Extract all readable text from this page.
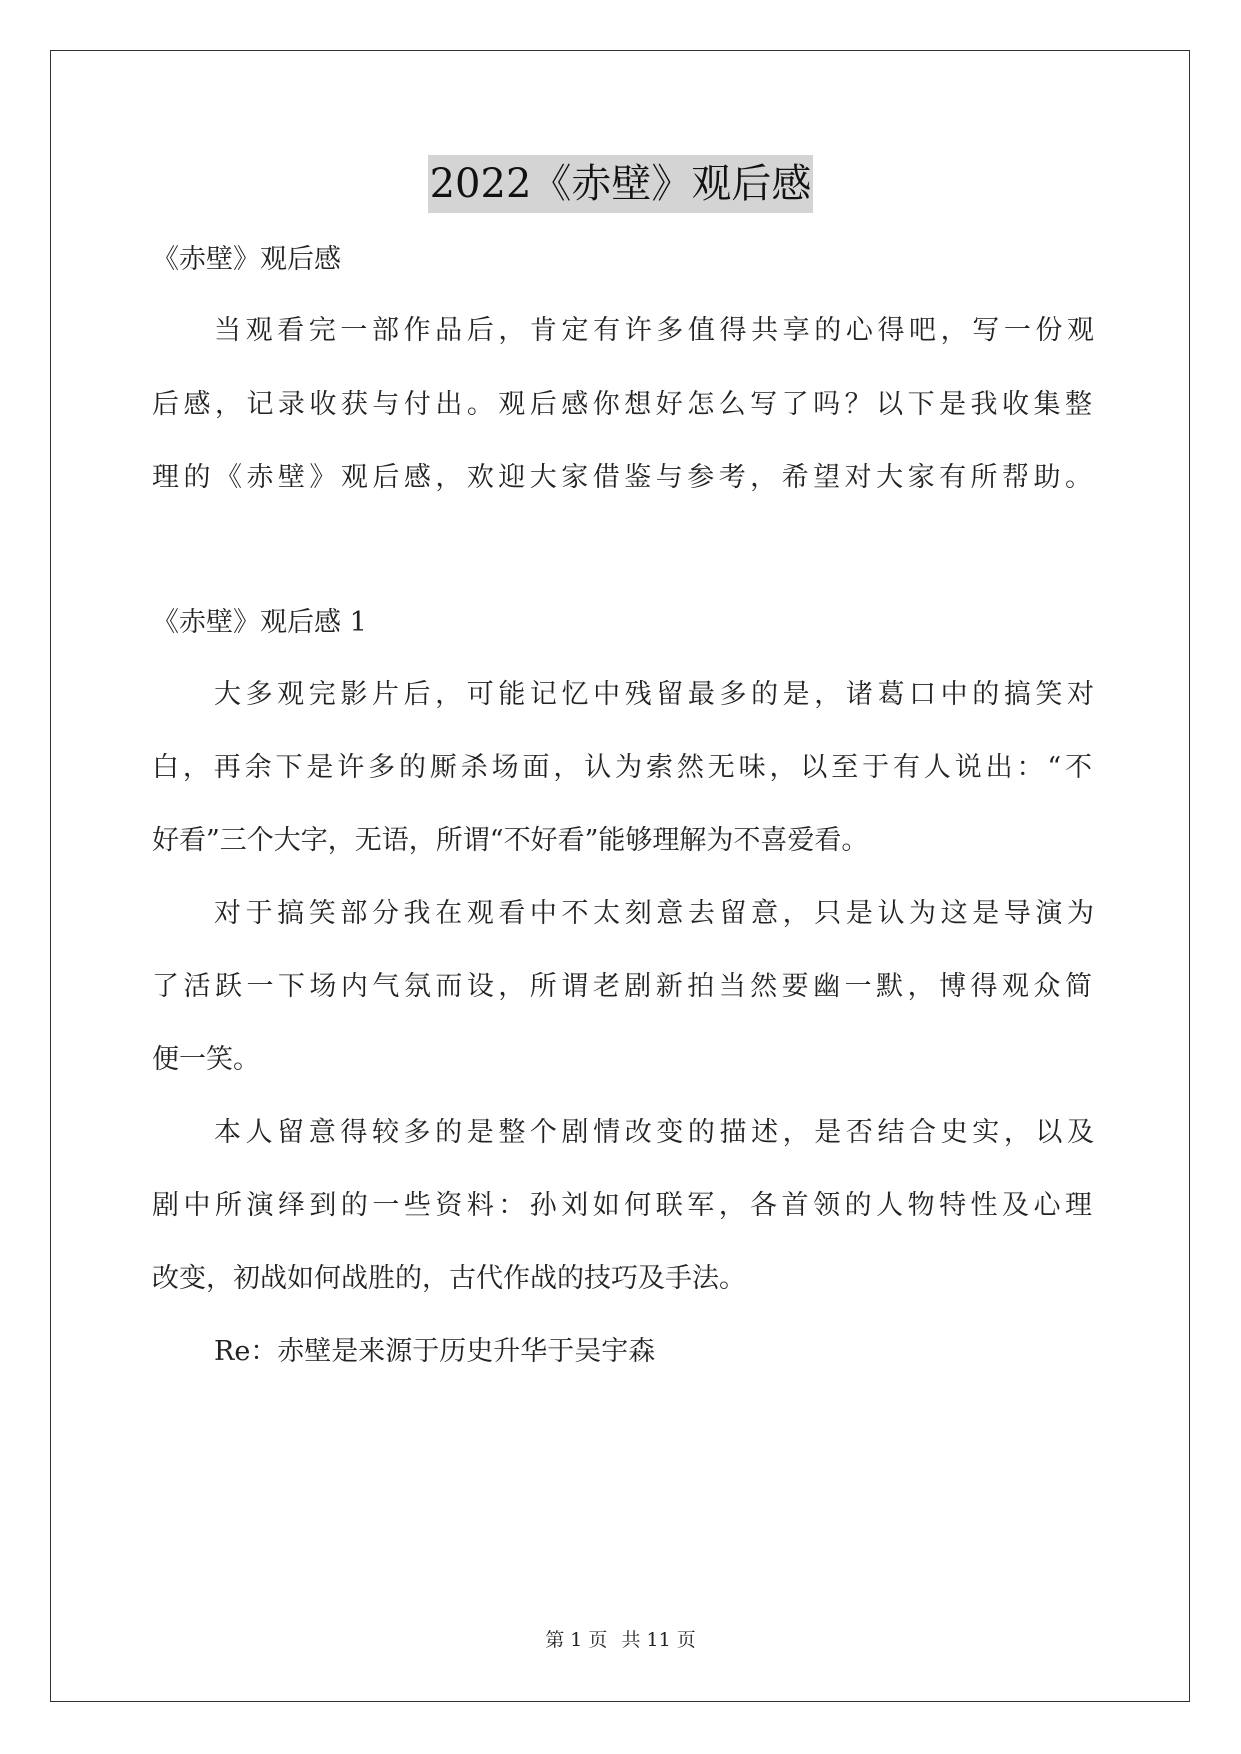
2022《赤壁》观后感
《赤壁》观后感
当观看完一部作品后，肯定有许多值得共享的心得吧，写一份观
后感，记录收获与付出。观后感你想好怎么写了吗？以下是我收集整
理的《赤壁》观后感，欢迎大家借鉴与参考，希望对大家有所帮助。
《赤壁》观后感 1
大多观完影片后，可能记忆中残留最多的是，诸葛口中的搞笑对
白，再余下是许多的厮杀场面，认为索然无味，以至于有人说出：“不
好看”三个大字，无语，所谓“不好看”能够理解为不喜爱看。
对于搞笑部分我在观看中不太刻意去留意，只是认为这是导演为
了活跃一下场内气氛而设，所谓老剧新拍当然要幽一默，博得观众简
便一笑。
本人留意得较多的是整个剧情改变的描述，是否结合史实，以及
剧中所演绎到的一些资料：孙刘如何联军，各首领的人物特性及心理
改变，初战如何战胜的，古代作战的技巧及手法。
Re：赤壁是来源于历史升华于吴宇森
第 1 页 共 11 页
